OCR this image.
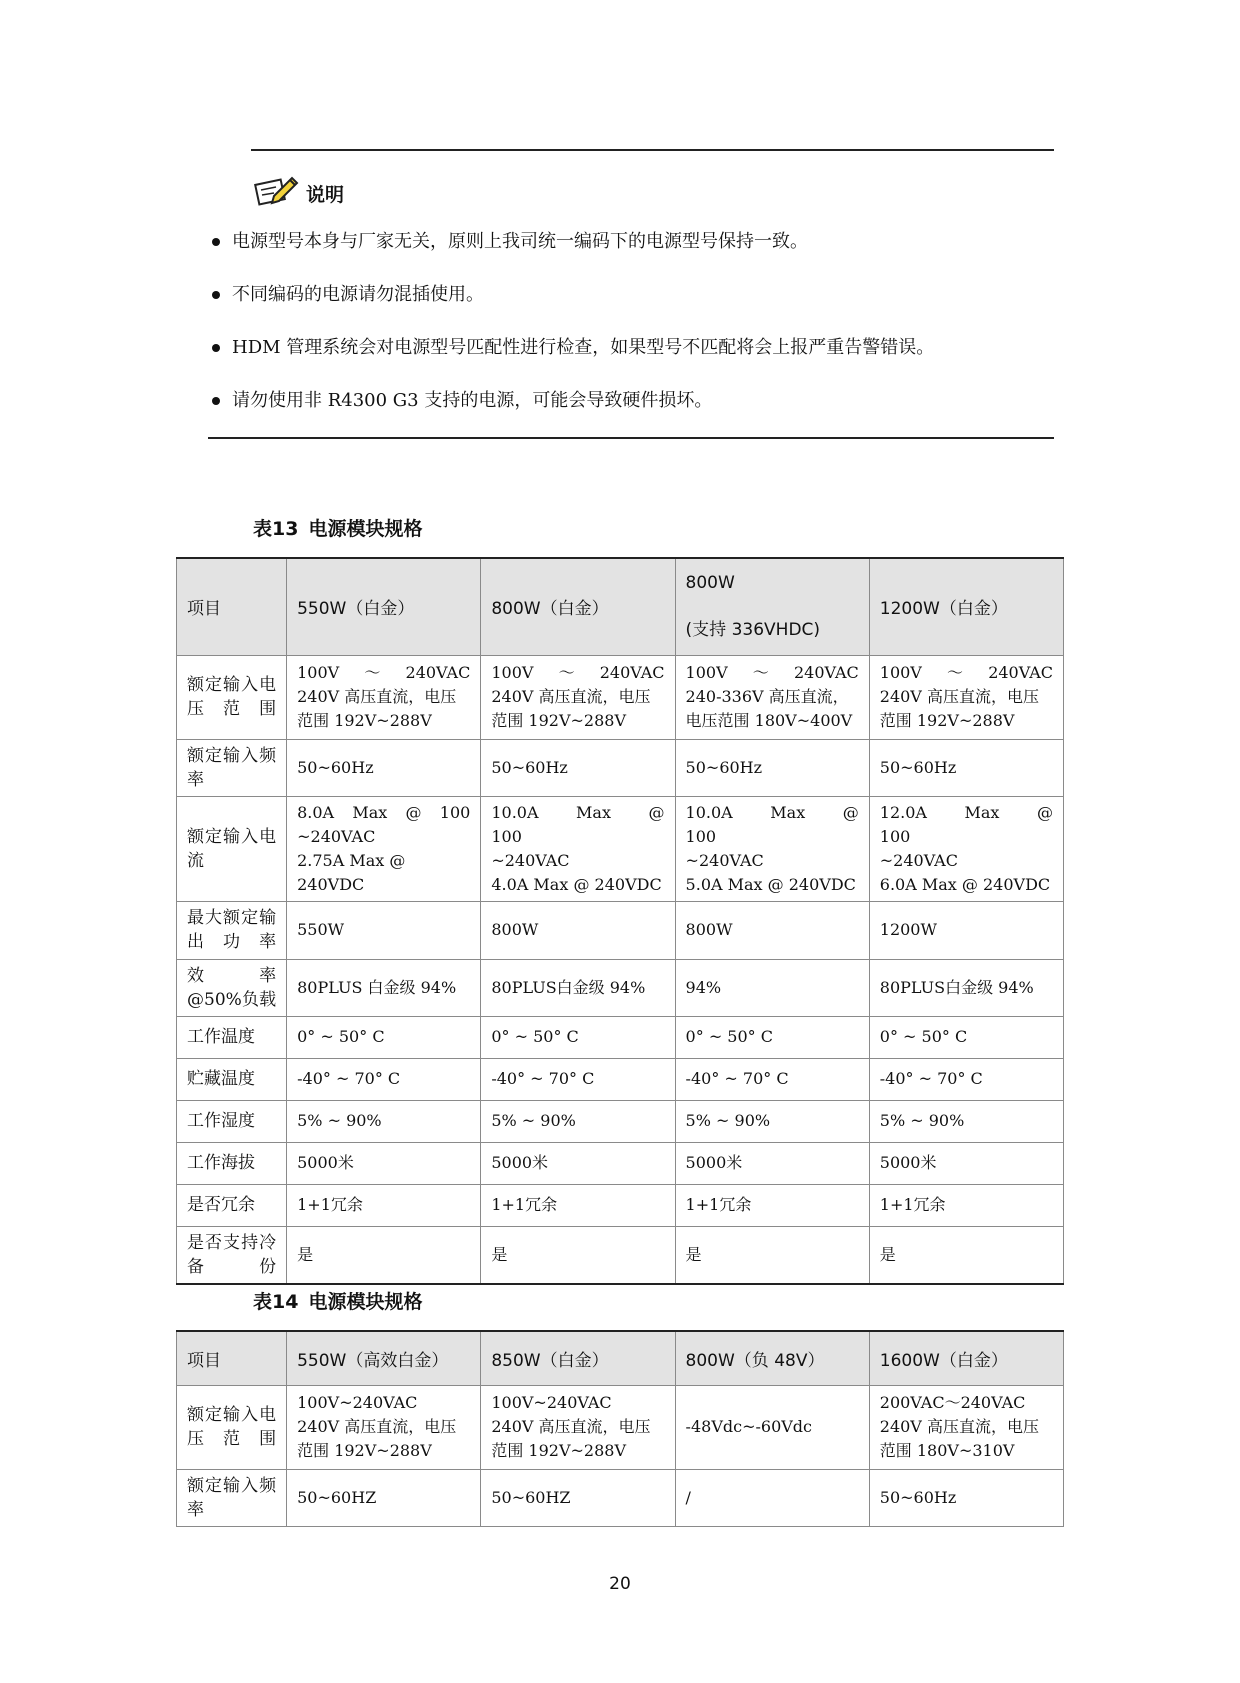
说明
电源型号本身与厂家无关，原则上我司统一编码下的电源型号保持一致。
不同编码的电源请勿混插使用。
HDM 管理系统会对电源型号匹配性进行检查，如果型号不匹配将会上报严重告警错误。
请勿使用非 R4300 G3 支持的电源，可能会导致硬件损坏。
表13 电源模块规格
项目	550W（白金）	800W（白金）	800W
(支持 336VHDC)	1200W（白金）
额定输入电压范围	100V　～　240VAC
240V 高压直流，电压
范围 192V~288V	100V　～　240VAC
240V 高压直流，电压
范围 192V~288V	100V　～　240VAC
240-336V 高压直流，
电压范围 180V~400V	100V　～　240VAC
240V 高压直流，电压
范围 192V~288V

额定输入频率	50~60Hz	50~60Hz	50~60Hz	50~60Hz

额定输入电流	8.0A　Max　@　100
~240VAC
2.75A Max @ 240VDC	10.0A　Max　@　100
~240VAC
4.0A Max @ 240VDC	10.0A　Max　@　100
~240VAC
5.0A Max @ 240VDC	12.0A　Max　@　100
~240VAC
6.0A Max @ 240VDC

最大额定输出功率	550W	800W	800W	1200W

效率 @50%负载	80PLUS 白金级 94%	80PLUS白金级 94%	94%	80PLUS白金级 94%

工作温度	0° ~ 50° C	0° ~ 50° C	0° ~ 50° C	0° ~ 50° C

贮藏温度	-40° ~ 70° C	-40° ~ 70° C	-40° ~ 70° C	-40° ~ 70° C

工作湿度	5% ~ 90%	5% ~ 90%	5% ~ 90%	5% ~ 90%

工作海拔	5000米	5000米	5000米	5000米

是否冗余	1+1冗余	1+1冗余	1+1冗余	1+1冗余

是否支持冷备份	是	是	是	是
表14 电源模块规格
项目	550W（高效白金）	850W（白金）	800W（负 48V）	1600W（白金）
额定输入电压范围	100V~240VAC
240V 高压直流，电压
范围 192V~288V	100V~240VAC
240V 高压直流，电压
范围 192V~288V	-48Vdc~-60Vdc	200VAC～240VAC
240V 高压直流，电压
范围 180V~310V

额定输入频率	50~60HZ	50~60HZ	/	50~60Hz
20
